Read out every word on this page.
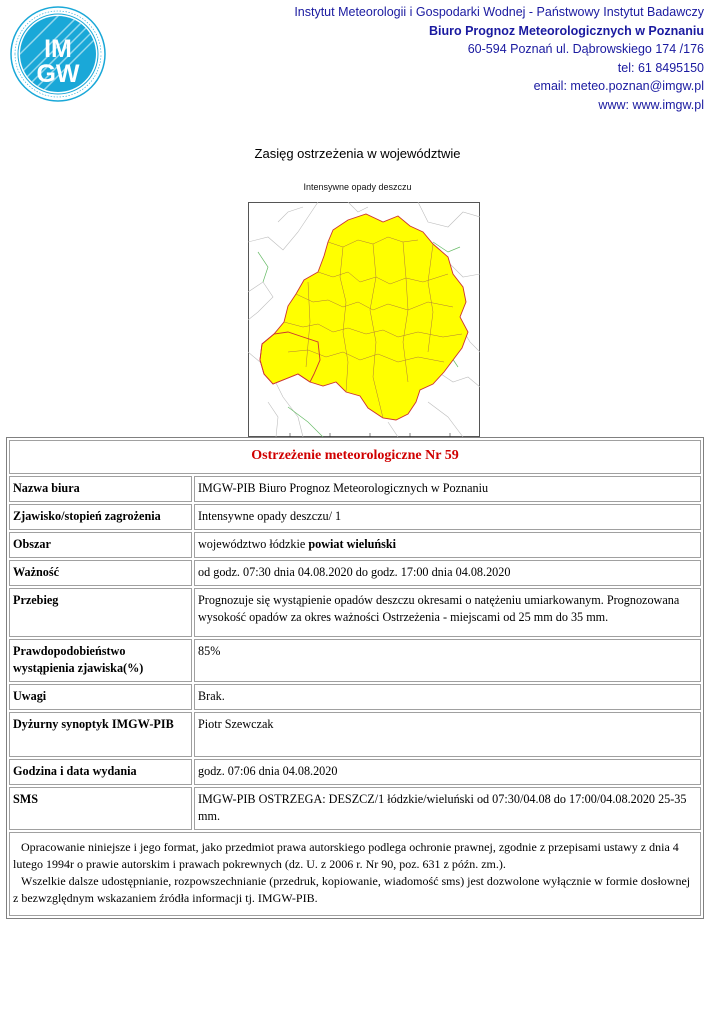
IM
GW
Instytut Meteorologii i Gospodarki Wodnej - Państwowy Instytut Badawczy
Biuro Prognoz Meteorologicznych w Poznaniu
60-594 Poznań ul. Dąbrowskiego 174 /176
tel: 61 8495150
email: meteo.poznan@imgw.pl
www: www.imgw.pl
Zasięg ostrzeżenia w województwie
Intensywne opady deszczu
Ostrzeżenie meteorologiczne Nr 59	
Nazwa biura	IMGW-PIB Biuro Prognoz Meteorologicznych w Poznaniu
Zjawisko/stopień zagrożenia	Intensywne opady deszczu/ 1
Obszar	województwo łódzkie powiat wieluński
Ważność	od godz. 07:30 dnia 04.08.2020 do godz. 17:00 dnia 04.08.2020
Przebieg	Prognozuje się wystąpienie opadów deszczu okresami o natężeniu umiarkowanym. Prognozowana wysokość opadów za okres ważności Ostrzeżenia - miejscami od 25 mm do 35 mm.
Prawdopodobieństwo wystąpienia zjawiska(%)	85%
Uwagi	Brak.
Dyżurny synoptyk IMGW-PIB	Piotr Szewczak
Godzina i data wydania	godz. 07:06 dnia 04.08.2020
SMS	IMGW-PIB OSTRZEGA: DESZCZ/1 łódzkie/wieluński od 07:30/04.08 do 17:00/04.08.2020 25-35 mm.

Opracowanie niniejsze i jego format, jako przedmiot prawa autorskiego podlega ochronie prawnej, zgodnie z przepisami ustawy z dnia 4 lutego 1994r o prawie autorskim i prawach pokrewnych (dz. U. z 2006 r. Nr 90, poz. 631 z późn. zm.).

Wszelkie dalsze udostępnianie, rozpowszechnianie (przedruk, kopiowanie, wiadomość sms) jest dozwolone wyłącznie w formie dosłownej z bezwzględnym wskazaniem źródła informacji tj. IMGW-PIB.	
